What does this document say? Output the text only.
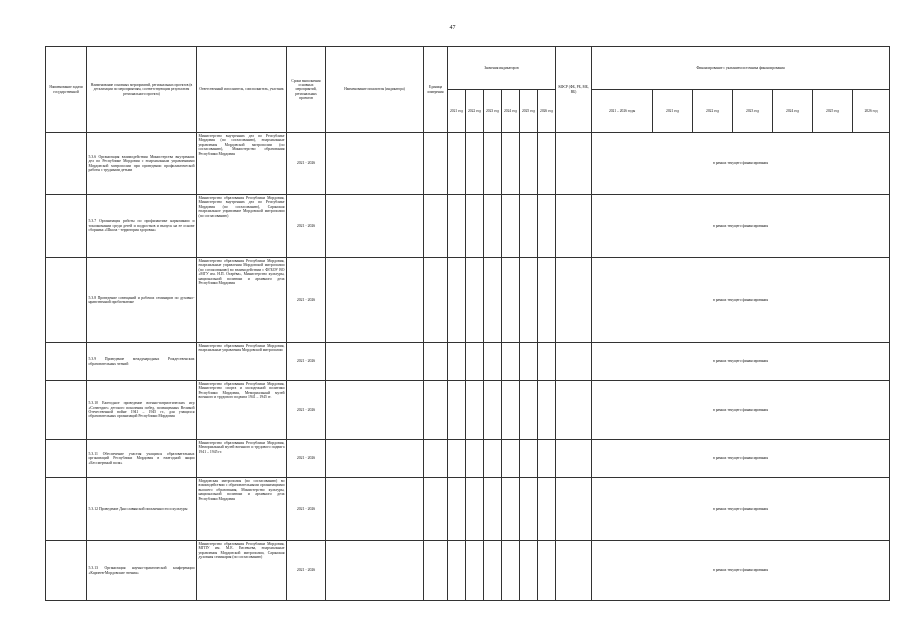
47
Наименование задачи государственной	Наименование основных мероприятий, региональных проектов (в детализации по мероприятиям, соответствующим результатам регионального проекта)	Ответственный исполнитель, соисполнитель, участник	Сроки выполнения основных мероприятий, региональных проектов	Наименование показателя (индикатора)	Единица измерения	Значения индикаторов						КФСР (ФБ, РБ, МБ, ВБ)	Финансирование с указанием источника финансирования						
						2021 год	2022 год	2023 год	2024 год	2025 год	2026 год		2021 – 2026 годы	2021 год	2022 год	2023 год	2024 год	2025 год	2026 год
	5.3.6 Организация взаимодействия Министерства внутренних дел по Республике Мордовия с епархиальным управлениями Мордовской митрополии при проведении профилактической работы с трудными детьми	Министерство внутренних дел по Республике Мордовия (по согласованию), епархиальные управления Мордовской митрополии (по согласованию), Министерство образования Республики Мордовия	2021 - 2026										в рамках текущего финансирования						
	5.3.7 Организация работы по профилактике наркомании и токсикомании среди детей и подростков и выпуск на ее основе сборника «Школа - территория здоровья»	Министерство образования Республики Мордовия, Министерство внутренних дел по Республике Мордовия (по согласованию), Саранская епархиальное управление Мордовской митрополии (по согласованию)	2021 - 2026										в рамках текущего финансирования						
	5.3.8 Проведение совещаний и рабочих семинаров по духовно-нравственной проблематике	Министерство образования Республики Мордовия, епархиальные управления Мордовской митрополии (по согласованию) во взаимодействии с ФГБОУ ВО «МГУ им. Н.П. Огарёва», Министерство культуры, национальной политики и архивного дела Республики Мордовия	2021 - 2026										в рамках текущего финансирования						
	5.3.9 Проведение международных Рождественских образовательных чтений	Министерство образования Республики Мордовия, епархиальные управления Мордовской митрополии	2021 - 2026										в рамках текущего финансирования						
	5.3.10 Ежегодное проведение военно-патриотических игр «Созвездие» детского поколения побед, посвященных Великой Отечественной войне 1941 – 1945 гг., для учащихся образовательных организаций Республики Мордовия	Министерство образования Республики Мордовия, Министерство спорта и молодежной политики Республики Мордовия, Мемориальный музей военного и трудового подвига 1941 – 1945 гг.	2021 - 2026										в рамках текущего финансирования						
	5.3.11 Обеспечение участия учащихся образовательных организаций Республики Мордовия в ежегодной акции «Бессмертный полк»	Министерство образования Республики Мордовия, Мемориальный музей военного и трудового подвига 1941 – 1945 гг.	2021 - 2026										в рамках текущего финансирования						
	5.3.12 Проведение Дня славянской письменности и культуры	Мордовская митрополия (по согласованию) во взаимодействии с образовательными организациями высшего образования, Министерство культуры, национальной политики и архивного дела Республики Мордовия	2021 - 2026										в рамках текущего финансирования						
	5.3.13 Организация научно-практической конференции «Карпеев-Мордовские чтения»	Министерство образования Республики Мордовия, МГПУ им. М.Е. Евсевьева, епархиальные управления Мордовской митрополии, Саранская духовная семинария (по согласованию)	2021 - 2026										в рамках текущего финансирования						
